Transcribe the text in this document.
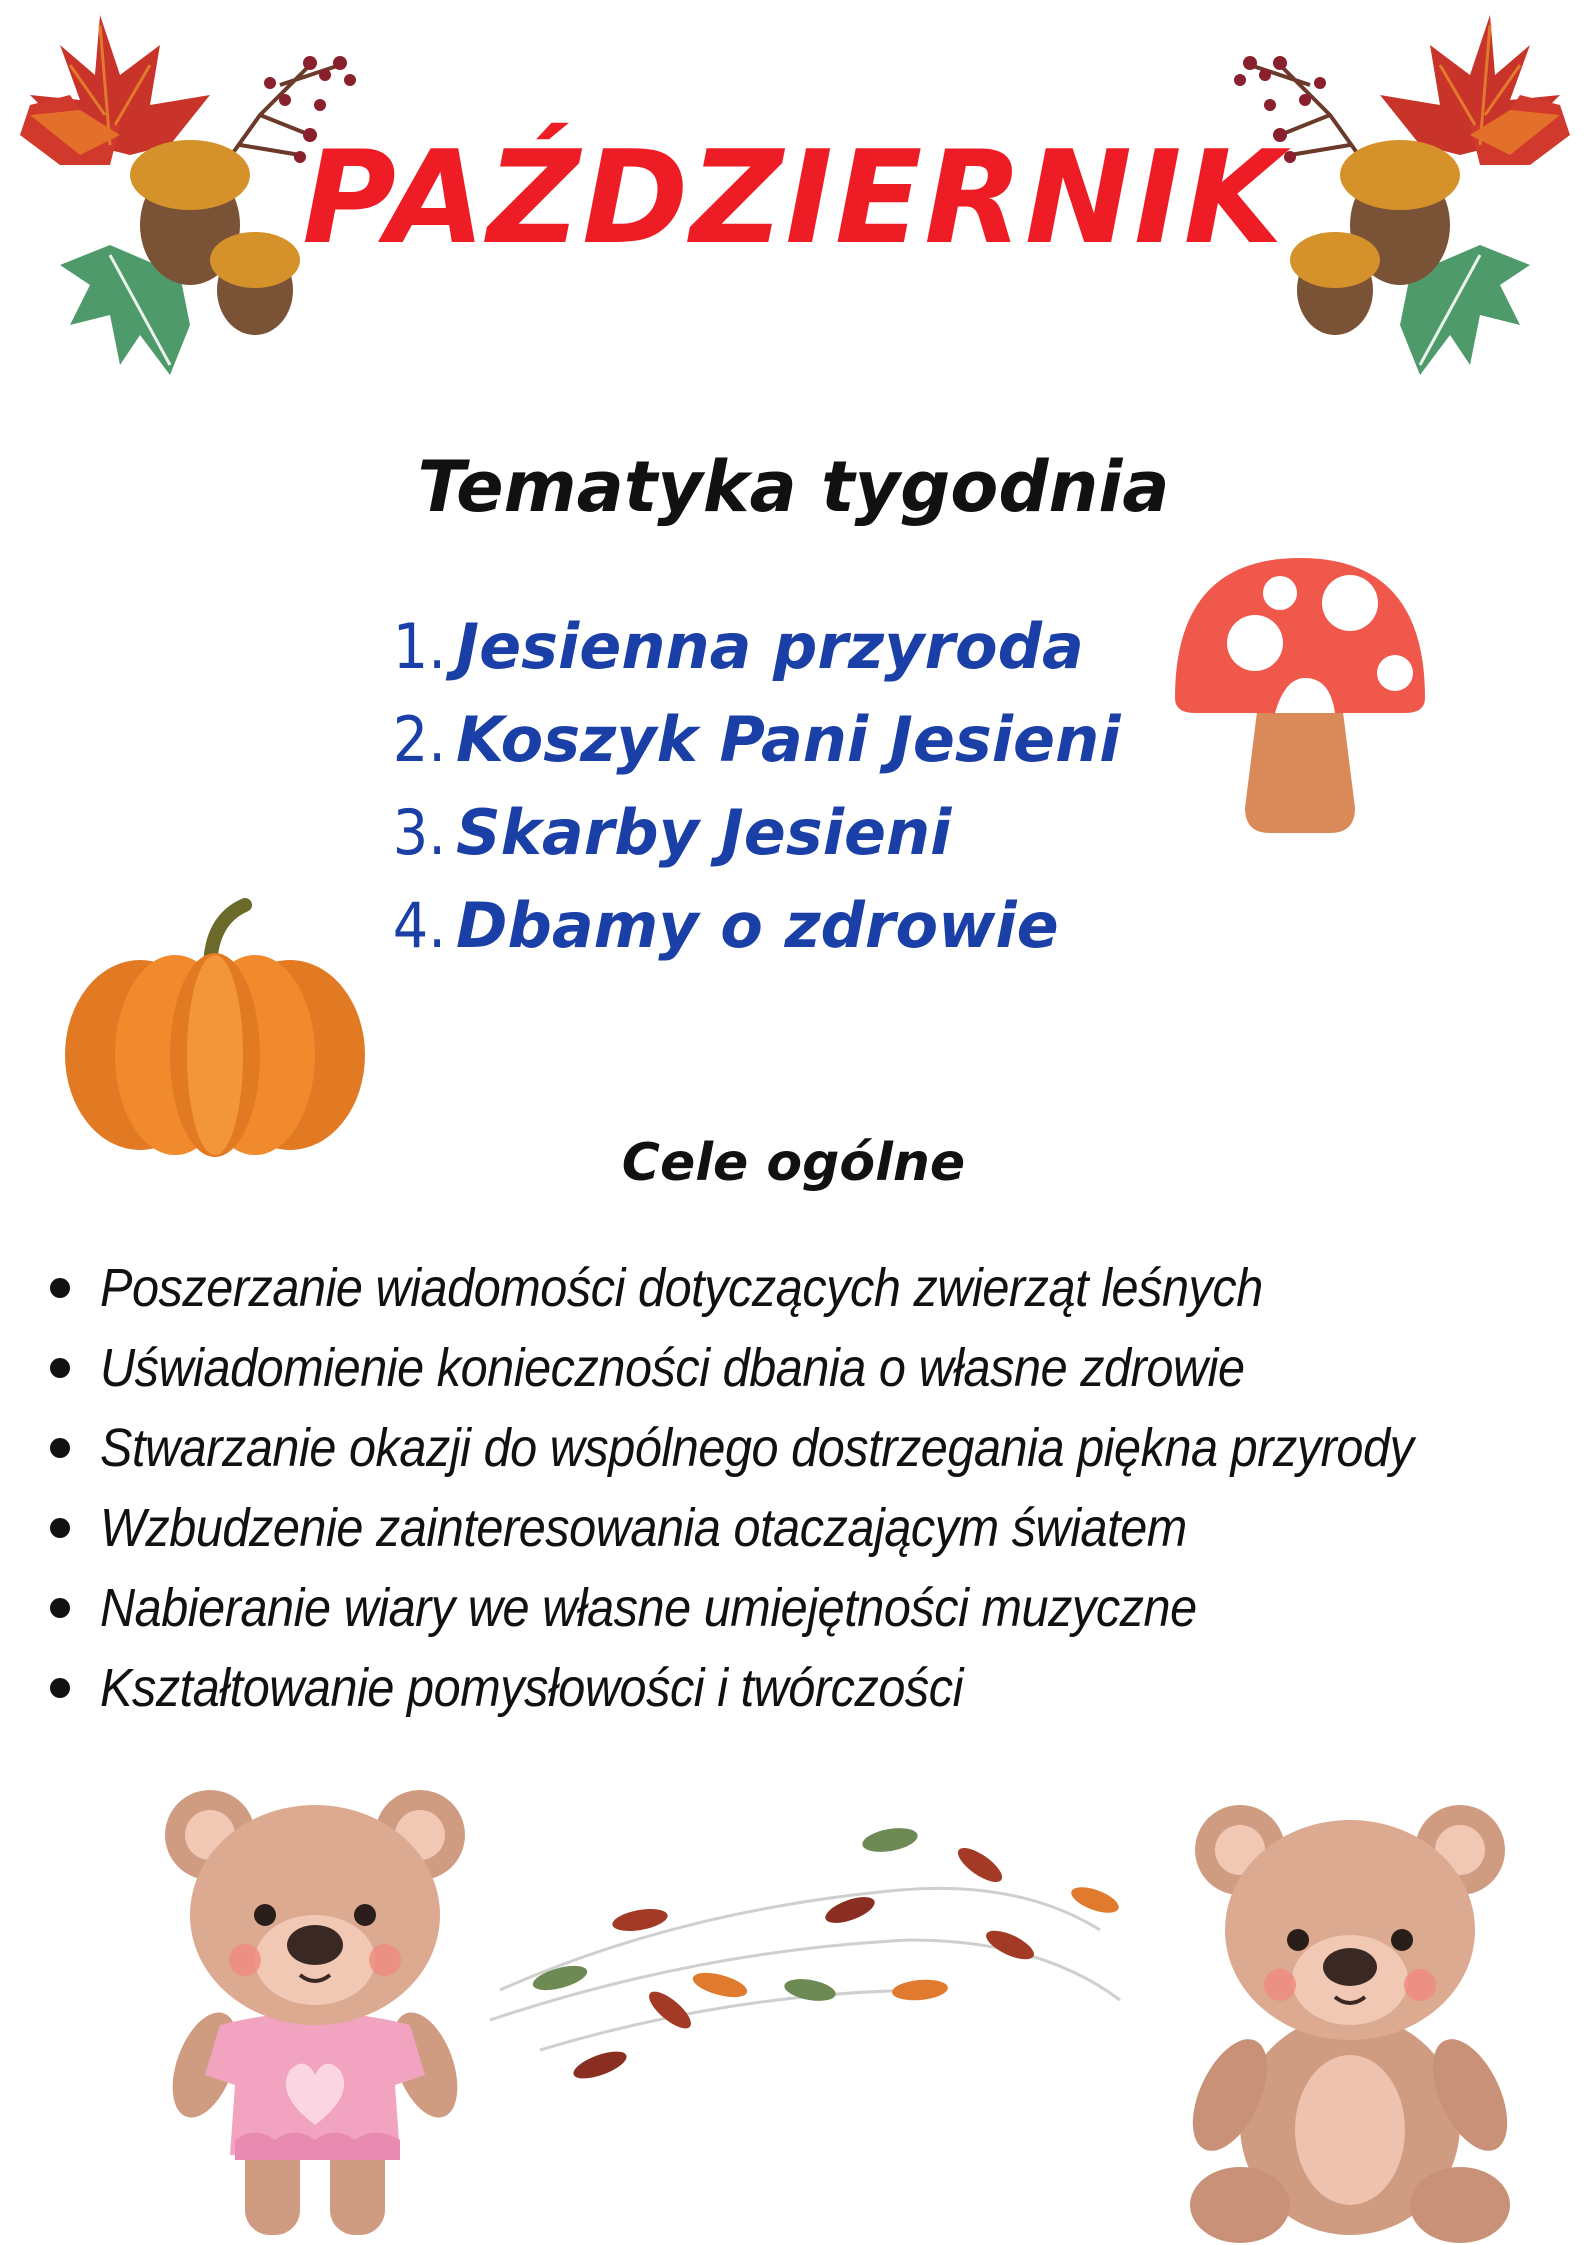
PAŹDZIERNIK
Tematyka tygodnia
1. Jesienna przyroda
2. Koszyk Pani Jesieni
3. Skarby Jesieni
4. Dbamy o zdrowie
Cele ogólne
Poszerzanie wiadomości dotyczących zwierząt leśnych
Uświadomienie konieczności dbania o własne zdrowie
Stwarzanie okazji do wspólnego dostrzegania piękna przyrody
Wzbudzenie zainteresowania otaczającym światem
Nabieranie wiary we własne umiejętności muzyczne
Kształtowanie pomysłowości i twórczości
